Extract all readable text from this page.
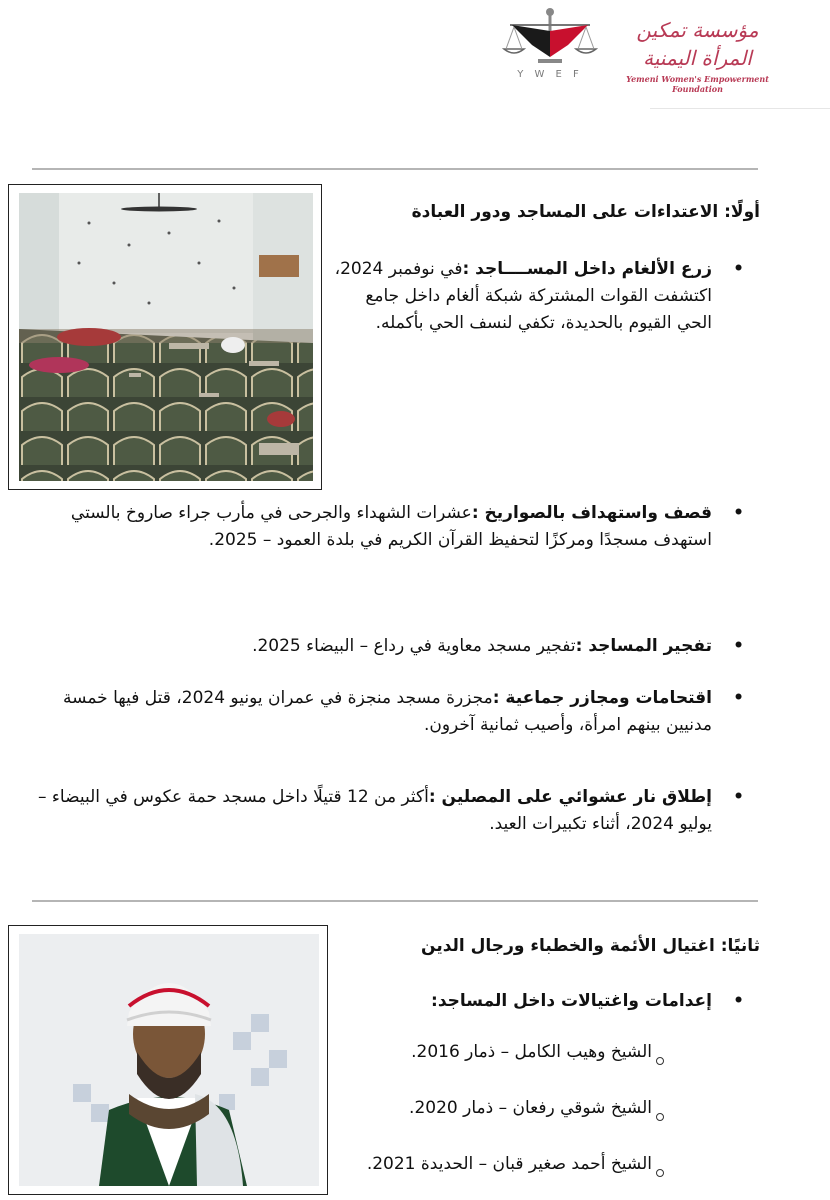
Y W E F
مؤسسة تمكين المرأة اليمنية
Yemeni Women's Empowerment Foundation
أولًا: الاعتداءات على المساجد ودور العبادة
•
زرع الألغام داخل المســــاجد :في نوفمبر 2024، اكتشفت القوات المشتركة شبكة ألغام داخل جامع الحي القيوم بالحديدة، تكفي لنسف الحي بأكمله.
•
قصف واستهداف بالصواريخ :عشرات الشهداء والجرحى في مأرب جراء صاروخ بالستي استهدف مسجدًا ومركزًا لتحفيظ القرآن الكريم في بلدة العمود – 2025.
•
تفجير المساجد :تفجير مسجد معاوية في رداع – البيضاء 2025.
•
اقتحامات ومجازر جماعية :مجزرة مسجد منجزة في عمران يونيو 2024، قتل فيها خمسة مدنيين بينهم امرأة، وأصيب ثمانية آخرون.
•
إطلاق نار عشوائي على المصلين :أكثر من 12 قتيلًا داخل مسجد حمة عكوس في البيضاء – يوليو 2024، أثناء تكبيرات العيد.
ثانيًا: اغتيال الأئمة والخطباء ورجال الدين
•
إعدامات واغتيالات داخل المساجد:
الشيخ وهيب الكامل – ذمار 2016.
الشيخ شوقي رفعان – ذمار 2020.
الشيخ أحمد صغير قبان – الحديدة 2021.
